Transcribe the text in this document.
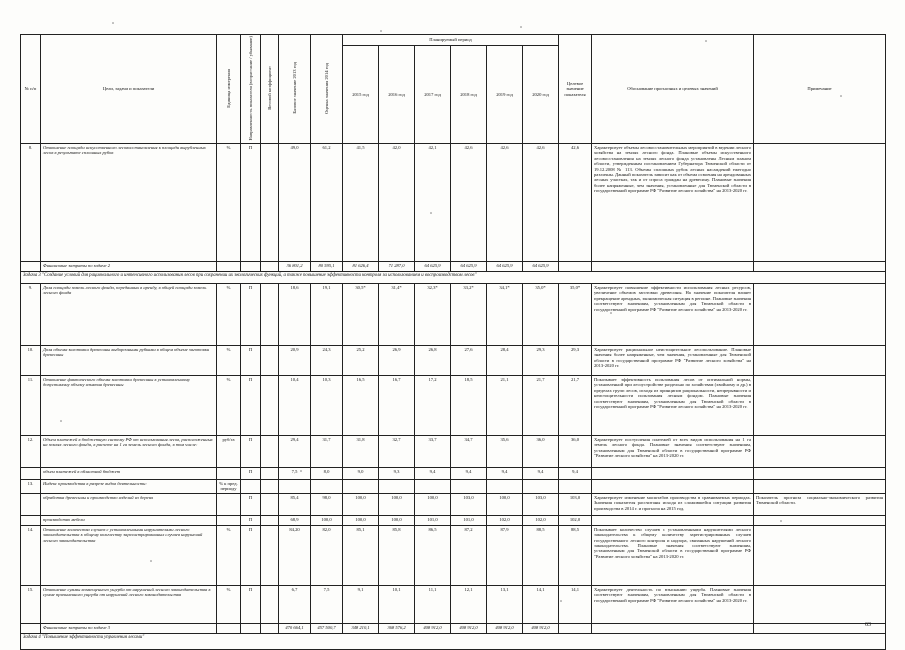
№ п/п	Цели, задачи и показатели	Единица измерения	Направленность показателя (возрастание / убывание)	Весовой коэффициент	Базовое значение 2013 год	Оценка значения 2014 год	Планируемый период						Целевое значение показателя	Обоснование прогнозных и целевых значений	Примечание
							2015 год	2016 год	2017 год	2018 год	2019 год	2020 год			
8.	Отношение площади искусственного лесовосстановления к площади вырубленных лесов в результате сплошных рубок	%	П		49,0	61,2	41,5	42,0	42,1	42,6	42,6	42,6	42,6	Характеризует объемы лесовосстановительных мероприятий в ведении лесного хозяйства на землях лесного фонда. Плановые объемы искусственного лесовосстановления на землях лесного фонда установлены Лесным планом области, утвержденным постановлением Губернатора Тюменской области от 19.12.2008 № 113. Объемы сплошных рубок лесных насаждений ежегодно различны. Данный показатель зависит как от объема освоения на арендованных лесных участках, так и от спроса граждан на древесину. Плановые значения более напряженные, чем значения, установленные для Тюменской области в государственной программе РФ "Развитие лесного хозяйства" на 2013-2020 гг.	
	Финансовые затраты по задаче 2				36 801,2	80 595,1	81 626,4	71 287,0	64 625,9	64 625,9	64 625,9	64 625,9			
Задача 3 "Создание условий для рационального и интенсивного использования лесов при сохранении их экологических функций, а также повышение эффективности контроля за использованием и воспроизводством лесов"															
9.	Доля площади земель лесного фонда, переданных в аренду, в общей площади земель лесного фонда	%	П		18,6	19,1	30,5*	31,4*	32,3*	33,2*	34,1*	35,0*	35,0*	Характеризует повышение эффективности использования лесных ресурсов, увеличение объемов заготовки древесины. На значение показателя влияет прекращение арендных, экономическая ситуация в регионе. Плановые значения соответствуют значениям, установленным для Тюменской области в государственной программе РФ "Развитие лесного хозяйства" на 2013-2020 гг.	
10.	Доля объема заготовки древесины выборочными рубками в общем объеме заготовки древесины	%	П		20,9	24,3	25,2	26,9	26,8	27,6	28,4	29,3	29,3	Характеризует рациональное неистощительное лесопользование. Плановые значения более напряженные, чем значения, установленные для Тюменской области в государственной программе РФ "Развитие лесного хозяйства" на 2013-2020 гг.	
11.	Отношение фактического объема заготовки древесины к установленному допустимому объему изъятия древесины	%	П		10,4	10,3	16,5	16,7	17,2	18,5	21,1	21,7	21,7	Показывает эффективность пользования лесов от оптимальной нормы, установленной при лесоустройстве раздельно по хозяйствам (хвойному и др.) в пределах групп лесов, исходя из принципов рациональности, непрерывности и неистощительности пользования лесным фондом. Плановые значения соответствуют значениям, установленным для Тюменской области в государственной программе РФ "Развитие лесного хозяйства" на 2013-2020 гг.	
12.	Объем платежей в бюджетную систему РФ от использования лесов, расположенных на землях лесного фонда, в расчете на 1 га земель лесного фонда, в том числе:	руб/га	П		29,4	31,7	31,8	32,7	33,7	34,7	35,6	36,0	36,0	Характеризует поступления платежей от всех видов использования на 1 га земель лесного фонда. Плановые значения соответствуют значениям, установленным для Тюменской области в государственной программе РФ "Развитие лесного хозяйства" на 2013-2020 гг.	
	объем платежей в областной бюджет		П		7,5	8,0	9,0	9,3	9,4	9,4	9,4	9,4	9,4		
13.	Индекс производства в разрезе видов деятельности:	% к пред. периоду													
	обработка древесины и производство изделий из дерева		П		85,4	98,0	100,0	100,0	100,0	103,0	100,0	103,0	103,0	Характеризует изменение масштабов производства в сравниваемых периодах. Значения показателя рассчитаны исходя из сложившейся ситуации развития производства в 2014 г. и прогноза на 2015 год.	Показатель прогноза социально-экономического развития Тюменской области.
	производство мебели		П		68,9	100,0	100,0	100,0	101,0	101,0	102,0	102,0	102,0		
14.	Отношение количества случаев с установленными нарушителями лесного законодательства к общему количеству зарегистрированных случаев нарушений лесного законодательства	%	П		84,20	82,0	85,1	85,8	86,5	87,2	87,9	88,5	88,5	Показывает количество случаев с установленными нарушителями лесного законодательства к общему количеству зарегистрированных случаев государственного лесного контроля и надзора, связанных нарушений лесного законодательства. Плановые значения соответствуют значениям, установленным для Тюменской области в государственной программе РФ "Развитие лесного хозяйства" на 2013-2020 гг.	
15.	Отношение суммы возмещенного ущерба от нарушений лесного законодательства к сумме причиненного ущерба от нарушений лесного законодательства	%	П		6,7	7,5	9,1	10,1	11,1	12,1	13,1	14,1	14,1	Характеризует деятельность по взысканию ущерба. Плановые значения соответствуют значениям, установленным для Тюменской области в государственной программе РФ "Развитие лесного хозяйства" на 2013-2020 гг.	
	Финансовые затраты по задаче 3				470 664,1	457 500,7	348 210,1	368 576,2	408 912,0	408 912,0	408 912,0	408 912,0			
Задача 4 "Повышение эффективности управления лесами"															
63
